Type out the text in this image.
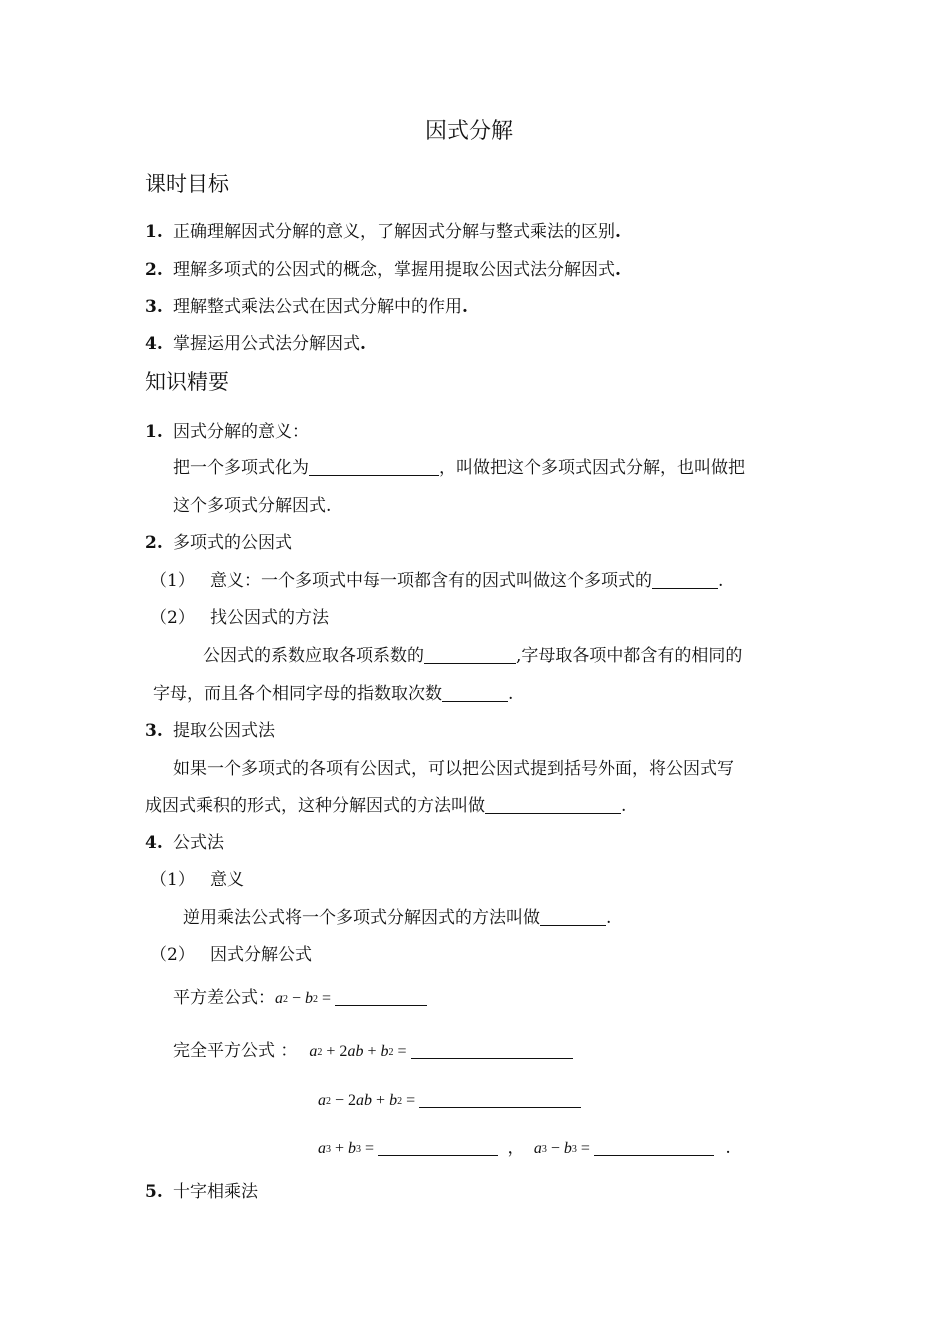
因式分解
课时目标
1. 正确理解因式分解的意义，了解因式分解与整式乘法的区别.
2. 理解多项式的公因式的概念，掌握用提取公因式法分解因式.
3. 理解整式乘法公式在因式分解中的作用.
4. 掌握运用公式法分解因式.
知识精要
1. 因式分解的意义：
把一个多项式化为	，叫做把这个多项式因式分解，也叫做把
这个多项式分解因式.
2. 多项式的公因式
（1） 意义：一个多项式中每一项都含有的因式叫做这个多项式的	.
（2） 找公因式的方法
公因式的系数应取各项系数的	,字母取各项中都含有的相同的
字母，而且各个相同字母的指数取次数	.
3. 提取公因式法
如果一个多项式的各项有公因式，可以把公因式提到括号外面，将公因式写
成因式乘积的形式，这种分解因式的方法叫做	.
4. 公式法
（1） 意义
逆用乘法公式将一个多项式分解因式的方法叫做	.
（2） 因式分解公式
平方差公式：$a^2 - b^2$ =
完全平方公式 ： $a^2 + 2ab + b^2$ =
$a^2 - 2ab + b^2$ =
$a^3 + b^3$ =	， $a^3 - b^3$ =	.
5. 十字相乘法
